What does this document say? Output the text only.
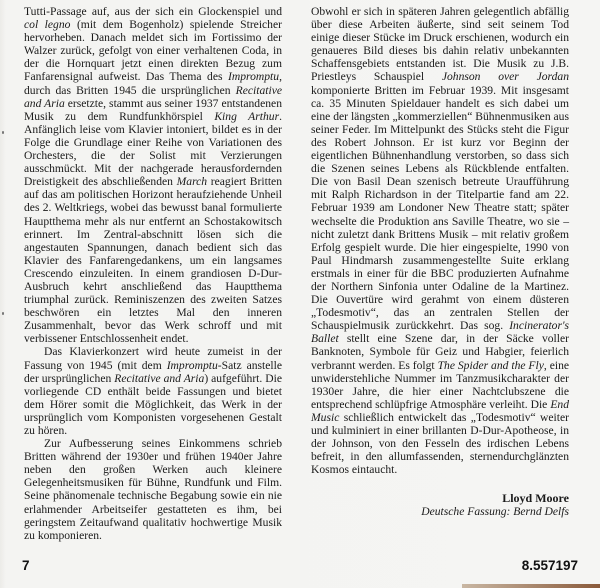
Tutti-Passage auf, aus der sich ein Glockenspiel und col legno (mit dem Bogenholz) spielende Streicher hervorheben. Danach meldet sich im Fortissimo der Walzer zurück, gefolgt von einer verhaltenen Coda, in der die Hornquart jetzt einen direkten Bezug zum Fanfarensignal aufweist. Das Thema des Impromptu, durch das Britten 1945 die ursprünglichen Recitative and Aria ersetzte, stammt aus seiner 1937 entstandenen Musik zu dem Rundfunkhörspiel King Arthur. Anfänglich leise vom Klavier intoniert, bildet es in der Folge die Grundlage einer Reihe von Variationen des Orchesters, die der Solist mit Verzierungen ausschmückt. Mit der nachgerade herausfordernden Dreistigkeit des abschließenden March reagiert Britten auf das am politischen Horizont heraufziehende Unheil des 2. Weltkriegs, wobei das bewusst banal formulierte Hauptthema mehr als nur entfernt an Schostakowitsch erinnert. Im Zentral-abschnitt lösen sich die angestauten Spannungen, danach bedient sich das Klavier des Fanfarengedankens, um ein langsames Crescendo einzuleiten. In einem grandiosen D-Dur-Ausbruch kehrt anschließend das Hauptthema triumphal zurück. Reminiszenzen des zweiten Satzes beschwören ein letztes Mal den inneren Zusammenhalt, bevor das Werk schroff und mit verbissener Entschlossenheit endet.

Das Klavierkonzert wird heute zumeist in der Fassung von 1945 (mit dem Impromptu-Satz anstelle der ursprünglichen Recitative and Aria) aufgeführt. Die vorliegende CD enthält beide Fassungen und bietet dem Hörer somit die Möglichkeit, das Werk in der ursprünglich vom Komponisten vorgesehenen Gestalt zu hören.

Zur Aufbesserung seines Einkommens schrieb Britten während der 1930er und frühen 1940er Jahre neben den großen Werken auch kleinere Gelegenheitsmusiken für Bühne, Rundfunk und Film. Seine phänomenale technische Begabung sowie ein nie erlahmender Arbeitseifer gestatteten es ihm, bei geringstem Zeitaufwand qualitativ hochwertige Musik zu komponieren.

Obwohl er sich in späteren Jahren gelegentlich abfällig über diese Arbeiten äußerte, sind seit seinem Tod einige dieser Stücke im Druck erschienen, wodurch ein genaueres Bild dieses bis dahin relativ unbekannten Schaffensgebiets entstanden ist. Die Musik zu J.B. Priestleys Schauspiel Johnson over Jordan komponierte Britten im Februar 1939. Mit insgesamt ca. 35 Minuten Spieldauer handelt es sich dabei um eine der längsten „kommerziellen“ Bühnenmusiken aus seiner Feder. Im Mittelpunkt des Stücks steht die Figur des Robert Johnson. Er ist kurz vor Beginn der eigentlichen Bühnenhandlung verstorben, so dass sich die Szenen seines Lebens als Rückblende entfalten. Die von Basil Dean szenisch betreute Uraufführung mit Ralph Richardson in der Titelpartie fand am 22. Februar 1939 am Londoner New Theatre statt; später wechselte die Produktion ans Saville Theatre, wo sie – nicht zuletzt dank Brittens Musik – mit relativ großem Erfolg gespielt wurde. Die hier eingespielte, 1990 von Paul Hindmarsh zusammengestellte Suite erklang erstmals in einer für die BBC produzierten Aufnahme der Northern Sinfonia unter Odaline de la Martinez. Die Ouvertüre wird gerahmt von einem düsteren „Todesmotiv“, das an zentralen Stellen der Schauspielmusik zurückkehrt. Das sog. Incinerator's Ballet stellt eine Szene dar, in der Säcke voller Banknoten, Symbole für Geiz und Habgier, feierlich verbrannt werden. Es folgt The Spider and the Fly, eine unwiderstehliche Nummer im Tanzmusikcharakter der 1930er Jahre, die hier einer Nachtclubszene die entsprechend schlüpfrige Atmosphäre verleiht. Die End Music schließlich entwickelt das „Todesmotiv“ weiter und kulminiert in einer brillanten D-Dur-Apotheose, in der Johnson, von den Fesseln des irdischen Lebens befreit, in den allumfassenden, sternendurchglänzten Kosmos eintaucht.

Lloyd Moore
Deutsche Fassung: Bernd Delfs
7	8.557197
